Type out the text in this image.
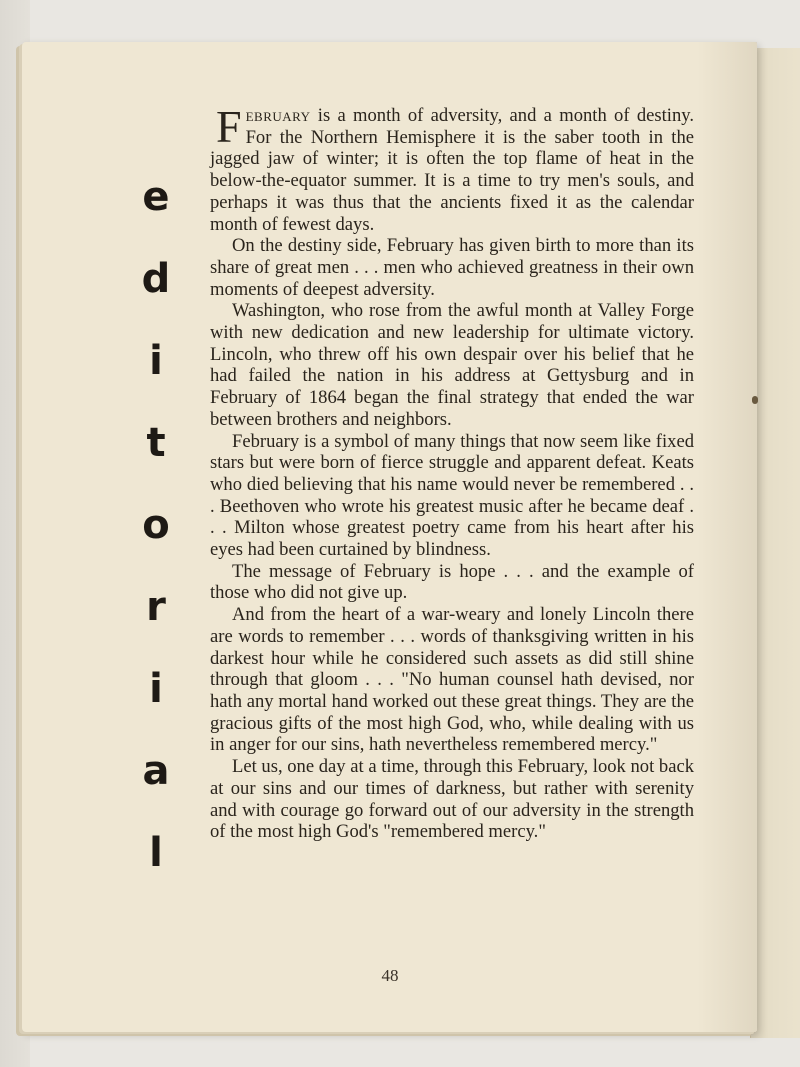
e
d
i
t
o
r
i
a
l

February is a month of adversity, and a month of destiny. For the Northern Hemisphere it is the saber tooth in the jagged jaw of winter; it is often the top flame of heat in the below-the-equator summer. It is a time to try men's souls, and perhaps it was thus that the ancients fixed it as the calendar month of fewest days.

On the destiny side, February has given birth to more than its share of great men . . . men who achieved greatness in their own moments of deepest adversity.

Washington, who rose from the awful month at Valley Forge with new dedication and new leadership for ultimate victory. Lincoln, who threw off his own despair over his belief that he had failed the nation in his address at Gettysburg and in February of 1864 began the final strategy that ended the war between brothers and neighbors.

February is a symbol of many things that now seem like fixed stars but were born of fierce struggle and apparent defeat. Keats who died believing that his name would never be remembered . . . Beethoven who wrote his greatest music after he became deaf . . . Milton whose greatest poetry came from his heart after his eyes had been curtained by blindness.

The message of February is hope . . . and the example of those who did not give up.

And from the heart of a war-weary and lonely Lincoln there are words to remember . . . words of thanksgiving written in his darkest hour while he considered such assets as did still shine through that gloom . . . "No human counsel hath devised, nor hath any mortal hand worked out these great things. They are the gracious gifts of the most high God, who, while dealing with us in anger for our sins, hath nevertheless remembered mercy."

Let us, one day at a time, through this February, look not back at our sins and our times of darkness, but rather with serenity and with courage go forward out of our adversity in the strength of the most high God's "remembered mercy."

48
